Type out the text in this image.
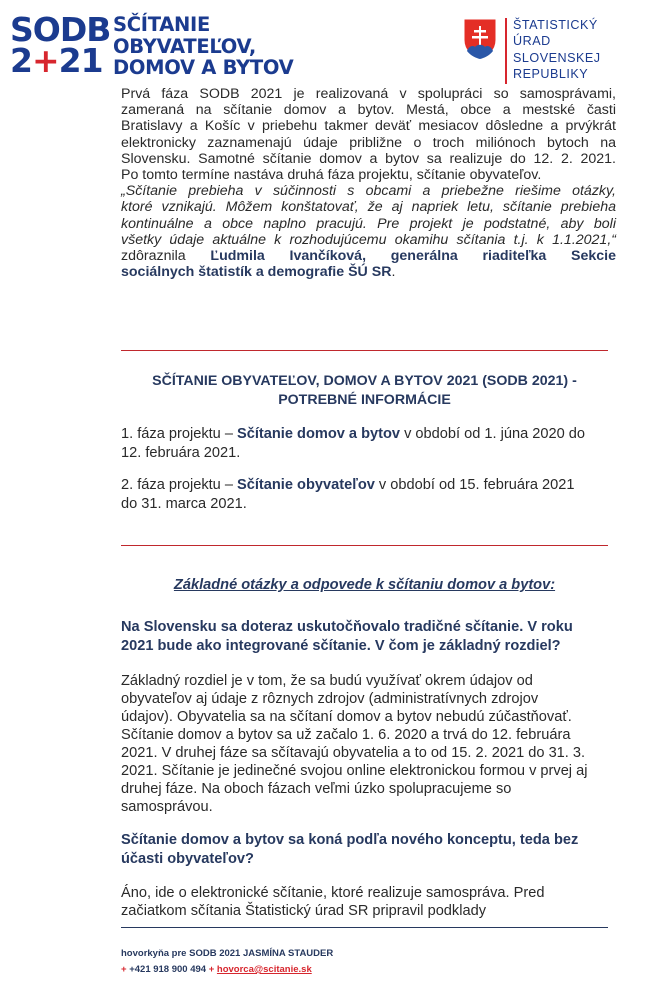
SODB
2+21
SČÍTANIE
OBYVATEĽOV,
DOMOV A BYTOV
ŠTATISTICKÝ
ÚRAD
SLOVENSKEJ
REPUBLIKY
Prvá fáza SODB 2021 je realizovaná v spolupráci so samosprávami,
zameraná na sčítanie domov a bytov. Mestá, obce a mestské časti
Bratislavy a Košíc v priebehu takmer deväť mesiacov dôsledne a prvýkrát
elektronicky zaznamenajú údaje približne o troch miliónoch bytoch na
Slovensku. Samotné sčítanie domov a bytov sa realizuje do 12. 2. 2021.
Po tomto termíne nastáva druhá fáza projektu, sčítanie obyvateľov.
„Sčítanie prebieha v súčinnosti s obcami a priebežne riešime otázky,
ktoré vznikajú. Môžem konštatovať, že aj napriek letu, sčítanie prebieha
kontinuálne a obce naplno pracujú. Pre projekt je podstatné, aby boli
všetky údaje aktuálne k rozhodujúcemu okamihu sčítania t.j. k 1.1.2021,“
zdôraznila Ľudmila Ivančíková, generálna riaditeľka Sekcie
sociálnych štatistík a demografie ŠÚ SR.
SČÍTANIE OBYVATEĽOV, DOMOV A BYTOV 2021 (SODB 2021) -
POTREBNÉ INFORMÁCIE
1. fáza projektu – Sčítanie domov a bytov v období od 1. júna 2020 do
12. februára 2021.
2. fáza projektu – Sčítanie obyvateľov v období od 15. februára 2021
do 31. marca 2021.
Základné otázky a odpovede k sčítaniu domov a bytov:
Na Slovensku sa doteraz uskutočňovalo tradičné sčítanie. V roku
2021 bude ako integrované sčítanie. V čom je základný rozdiel?
Základný rozdiel je v tom, že sa budú využívať okrem údajov od
obyvateľov aj údaje z rôznych zdrojov (administratívnych zdrojov
údajov). Obyvatelia sa na sčítaní domov a bytov nebudú zúčastňovať.
Sčítanie domov a bytov sa už začalo 1. 6. 2020 a trvá do 12. februára
2021. V druhej fáze sa sčítavajú obyvatelia a to od 15. 2. 2021 do 31. 3.
2021. Sčítanie je jedinečné svojou online elektronickou formou v prvej aj
druhej fáze. Na oboch fázach veľmi úzko spolupracujeme so
samosprávou.
Sčítanie domov a bytov sa koná podľa nového konceptu, teda bez
účasti obyvateľov?
Áno, ide o elektronické sčítanie, ktoré realizuje samospráva. Pred
začiatkom sčítania Štatistický úrad SR pripravil podklady
hovorkyňa pre SODB 2021 JASMÍNA STAUDER
+ +421 918 900 494 + hovorca@scitanie.sk
